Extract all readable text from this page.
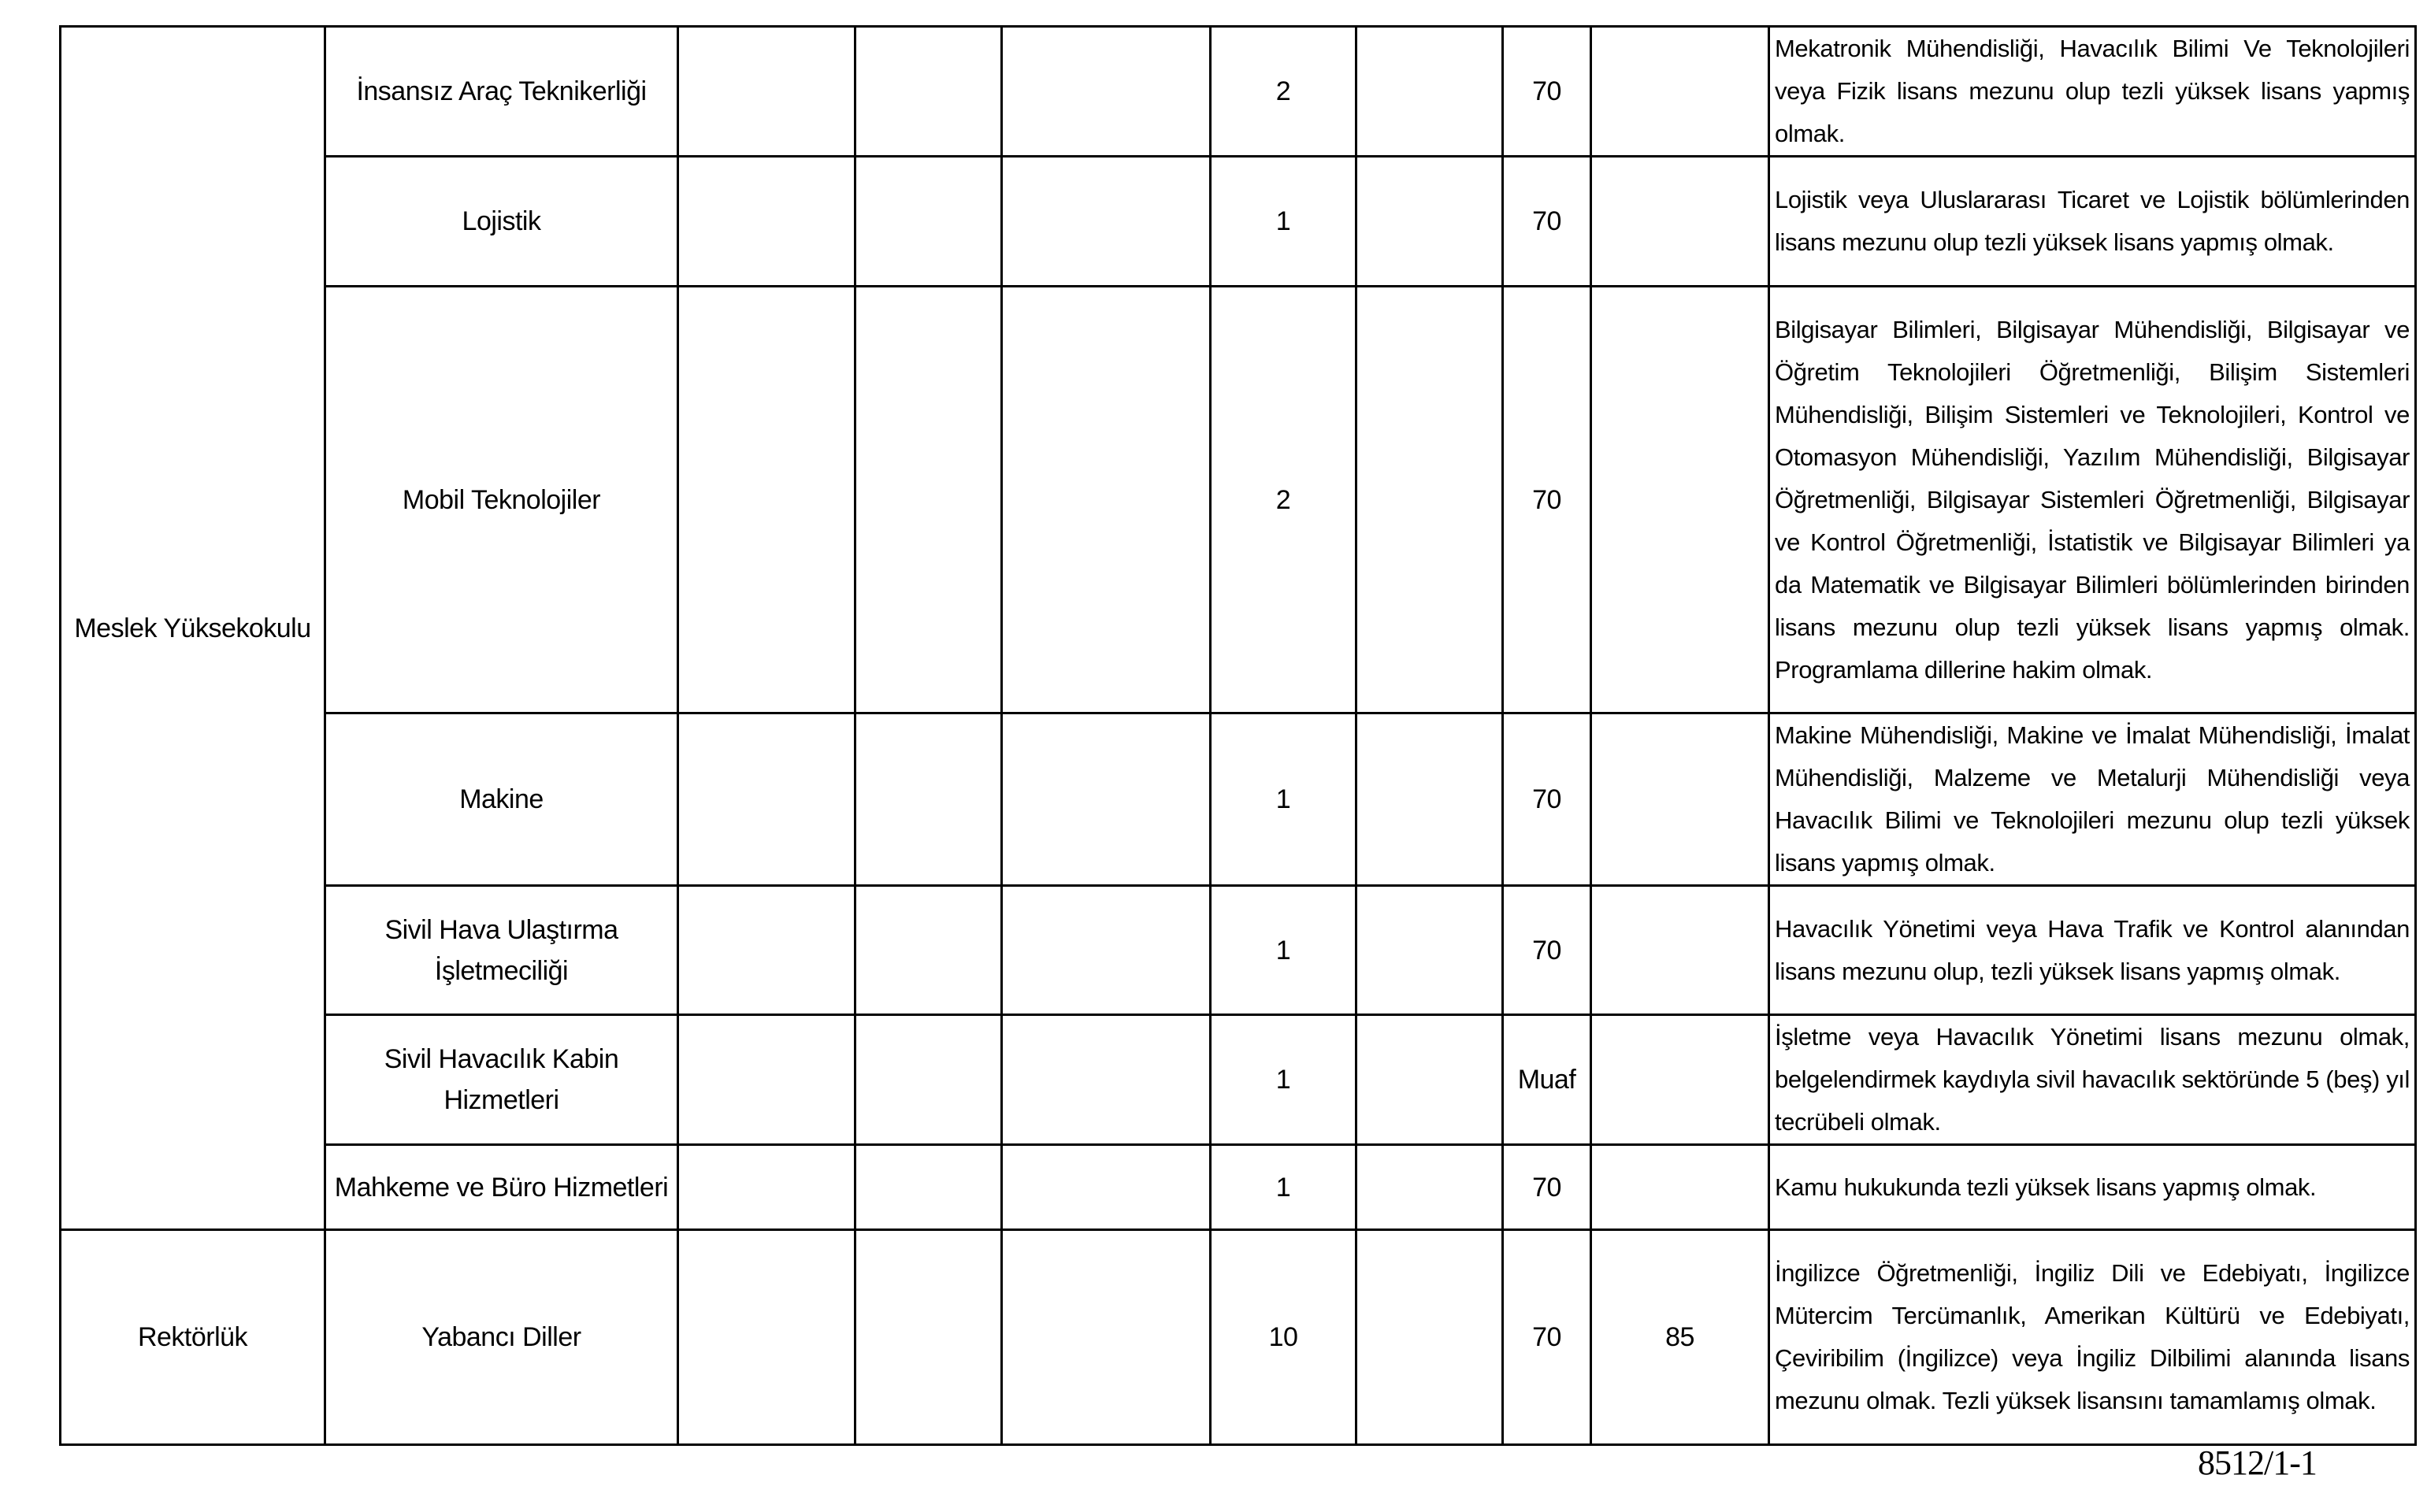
Meslek Yüksekokulu	İnsansız Araç Teknikerliği				2		70		Mekatronik Mühendisliği, Havacılık Bilimi Ve Teknolojileri veya Fizik lisans mezunu olup tezli yüksek lisans yapmış olmak.
	Lojistik				1		70		Lojistik veya Uluslararası Ticaret ve Lojistik bölümlerinden lisans mezunu olup tezli yüksek lisans yapmış olmak.
	Mobil Teknolojiler				2		70		Bilgisayar Bilimleri, Bilgisayar Mühendisliği, Bilgisayar ve Öğretim Teknolojileri Öğretmenliği, Bilişim Sistemleri Mühendisliği, Bilişim Sistemleri ve Teknolojileri, Kontrol ve Otomasyon Mühendisliği, Yazılım Mühendisliği, Bilgisayar Öğretmenliği, Bilgisayar Sistemleri Öğretmenliği, Bilgisayar ve Kontrol Öğretmenliği, İstatistik ve Bilgisayar Bilimleri ya da Matematik ve Bilgisayar Bilimleri bölümlerinden birinden lisans mezunu olup tezli yüksek lisans yapmış olmak. Programlama dillerine hakim olmak.
	Makine				1		70		Makine Mühendisliği, Makine ve İmalat Mühendisliği, İmalat Mühendisliği, Malzeme ve Metalurji Mühendisliği veya Havacılık Bilimi ve Teknolojileri mezunu olup tezli yüksek lisans yapmış olmak.
	Sivil Hava Ulaştırma İşletmeciliği				1		70		Havacılık Yönetimi veya Hava Trafik ve Kontrol alanından lisans mezunu olup, tezli yüksek lisans yapmış olmak.
	Sivil Havacılık Kabin Hizmetleri				1		Muaf		İşletme veya Havacılık Yönetimi lisans mezunu olmak, belgelendirmek kaydıyla sivil havacılık sektöründe 5 (beş) yıl tecrübeli olmak.
	Mahkeme ve Büro Hizmetleri				1		70		Kamu hukukunda tezli yüksek lisans yapmış olmak.
Rektörlük	Yabancı Diller				10		70	85	İngilizce Öğretmenliği, İngiliz Dili ve Edebiyatı, İngilizce Mütercim Tercümanlık, Amerikan Kültürü ve Edebiyatı, Çeviribilim (İngilizce) veya İngiliz Dilbilimi alanında lisans mezunu olmak. Tezli yüksek lisansını tamamlamış olmak.
8512/1-1
